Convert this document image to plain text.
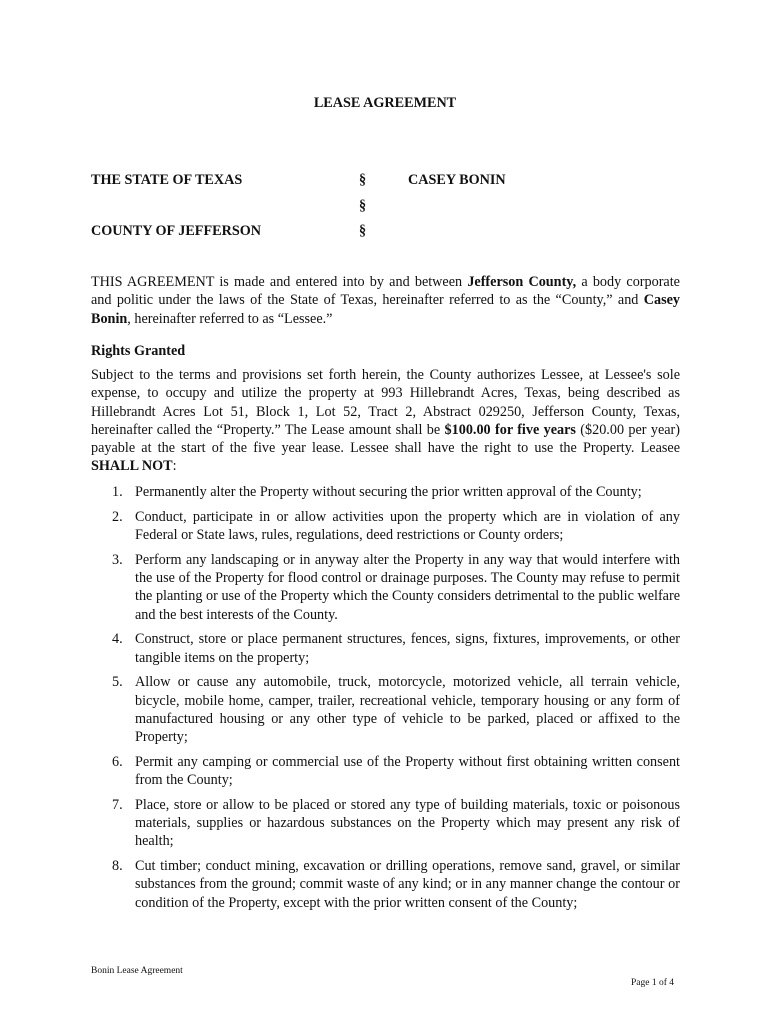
LEASE AGREEMENT
THE STATE OF TEXAS
COUNTY OF JEFFERSON
§
§
§
CASEY BONIN
THIS AGREEMENT is made and entered into by and between Jefferson County, a body corporate and politic under the laws of the State of Texas, hereinafter referred to as the “County,” and Casey Bonin, hereinafter referred to as “Lessee.”
Rights Granted
Subject to the terms and provisions set forth herein, the County authorizes Lessee, at Lessee's sole expense, to occupy and utilize the property at 993 Hillebrandt Acres, Texas, being described as Hillebrandt Acres Lot 51, Block 1, Lot 52, Tract 2, Abstract 029250, Jefferson County, Texas, hereinafter called the “Property.” The Lease amount shall be $100.00 for five years ($20.00 per year) payable at the start of the five year lease. Lessee shall have the right to use the Property. Leasee SHALL NOT:
1. Permanently alter the Property without securing the prior written approval of the County;
2. Conduct, participate in or allow activities upon the property which are in violation of any Federal or State laws, rules, regulations, deed restrictions or County orders;
3. Perform any landscaping or in anyway alter the Property in any way that would interfere with the use of the Property for flood control or drainage purposes. The County may refuse to permit the planting or use of the Property which the County considers detrimental to the public welfare and the best interests of the County.
4. Construct, store or place permanent structures, fences, signs, fixtures, improvements, or other tangible items on the property;
5. Allow or cause any automobile, truck, motorcycle, motorized vehicle, all terrain vehicle, bicycle, mobile home, camper, trailer, recreational vehicle, temporary housing or any form of manufactured housing or any other type of vehicle to be parked, placed or affixed to the Property;
6. Permit any camping or commercial use of the Property without first obtaining written consent from the County;
7. Place, store or allow to be placed or stored any type of building materials, toxic or poisonous materials, supplies or hazardous substances on the Property which may present any risk of health;
8. Cut timber; conduct mining, excavation or drilling operations, remove sand, gravel, or similar substances from the ground; commit waste of any kind; or in any manner change the contour or condition of the Property, except with the prior written consent of the County;
Bonin Lease Agreement
Page 1 of 4
